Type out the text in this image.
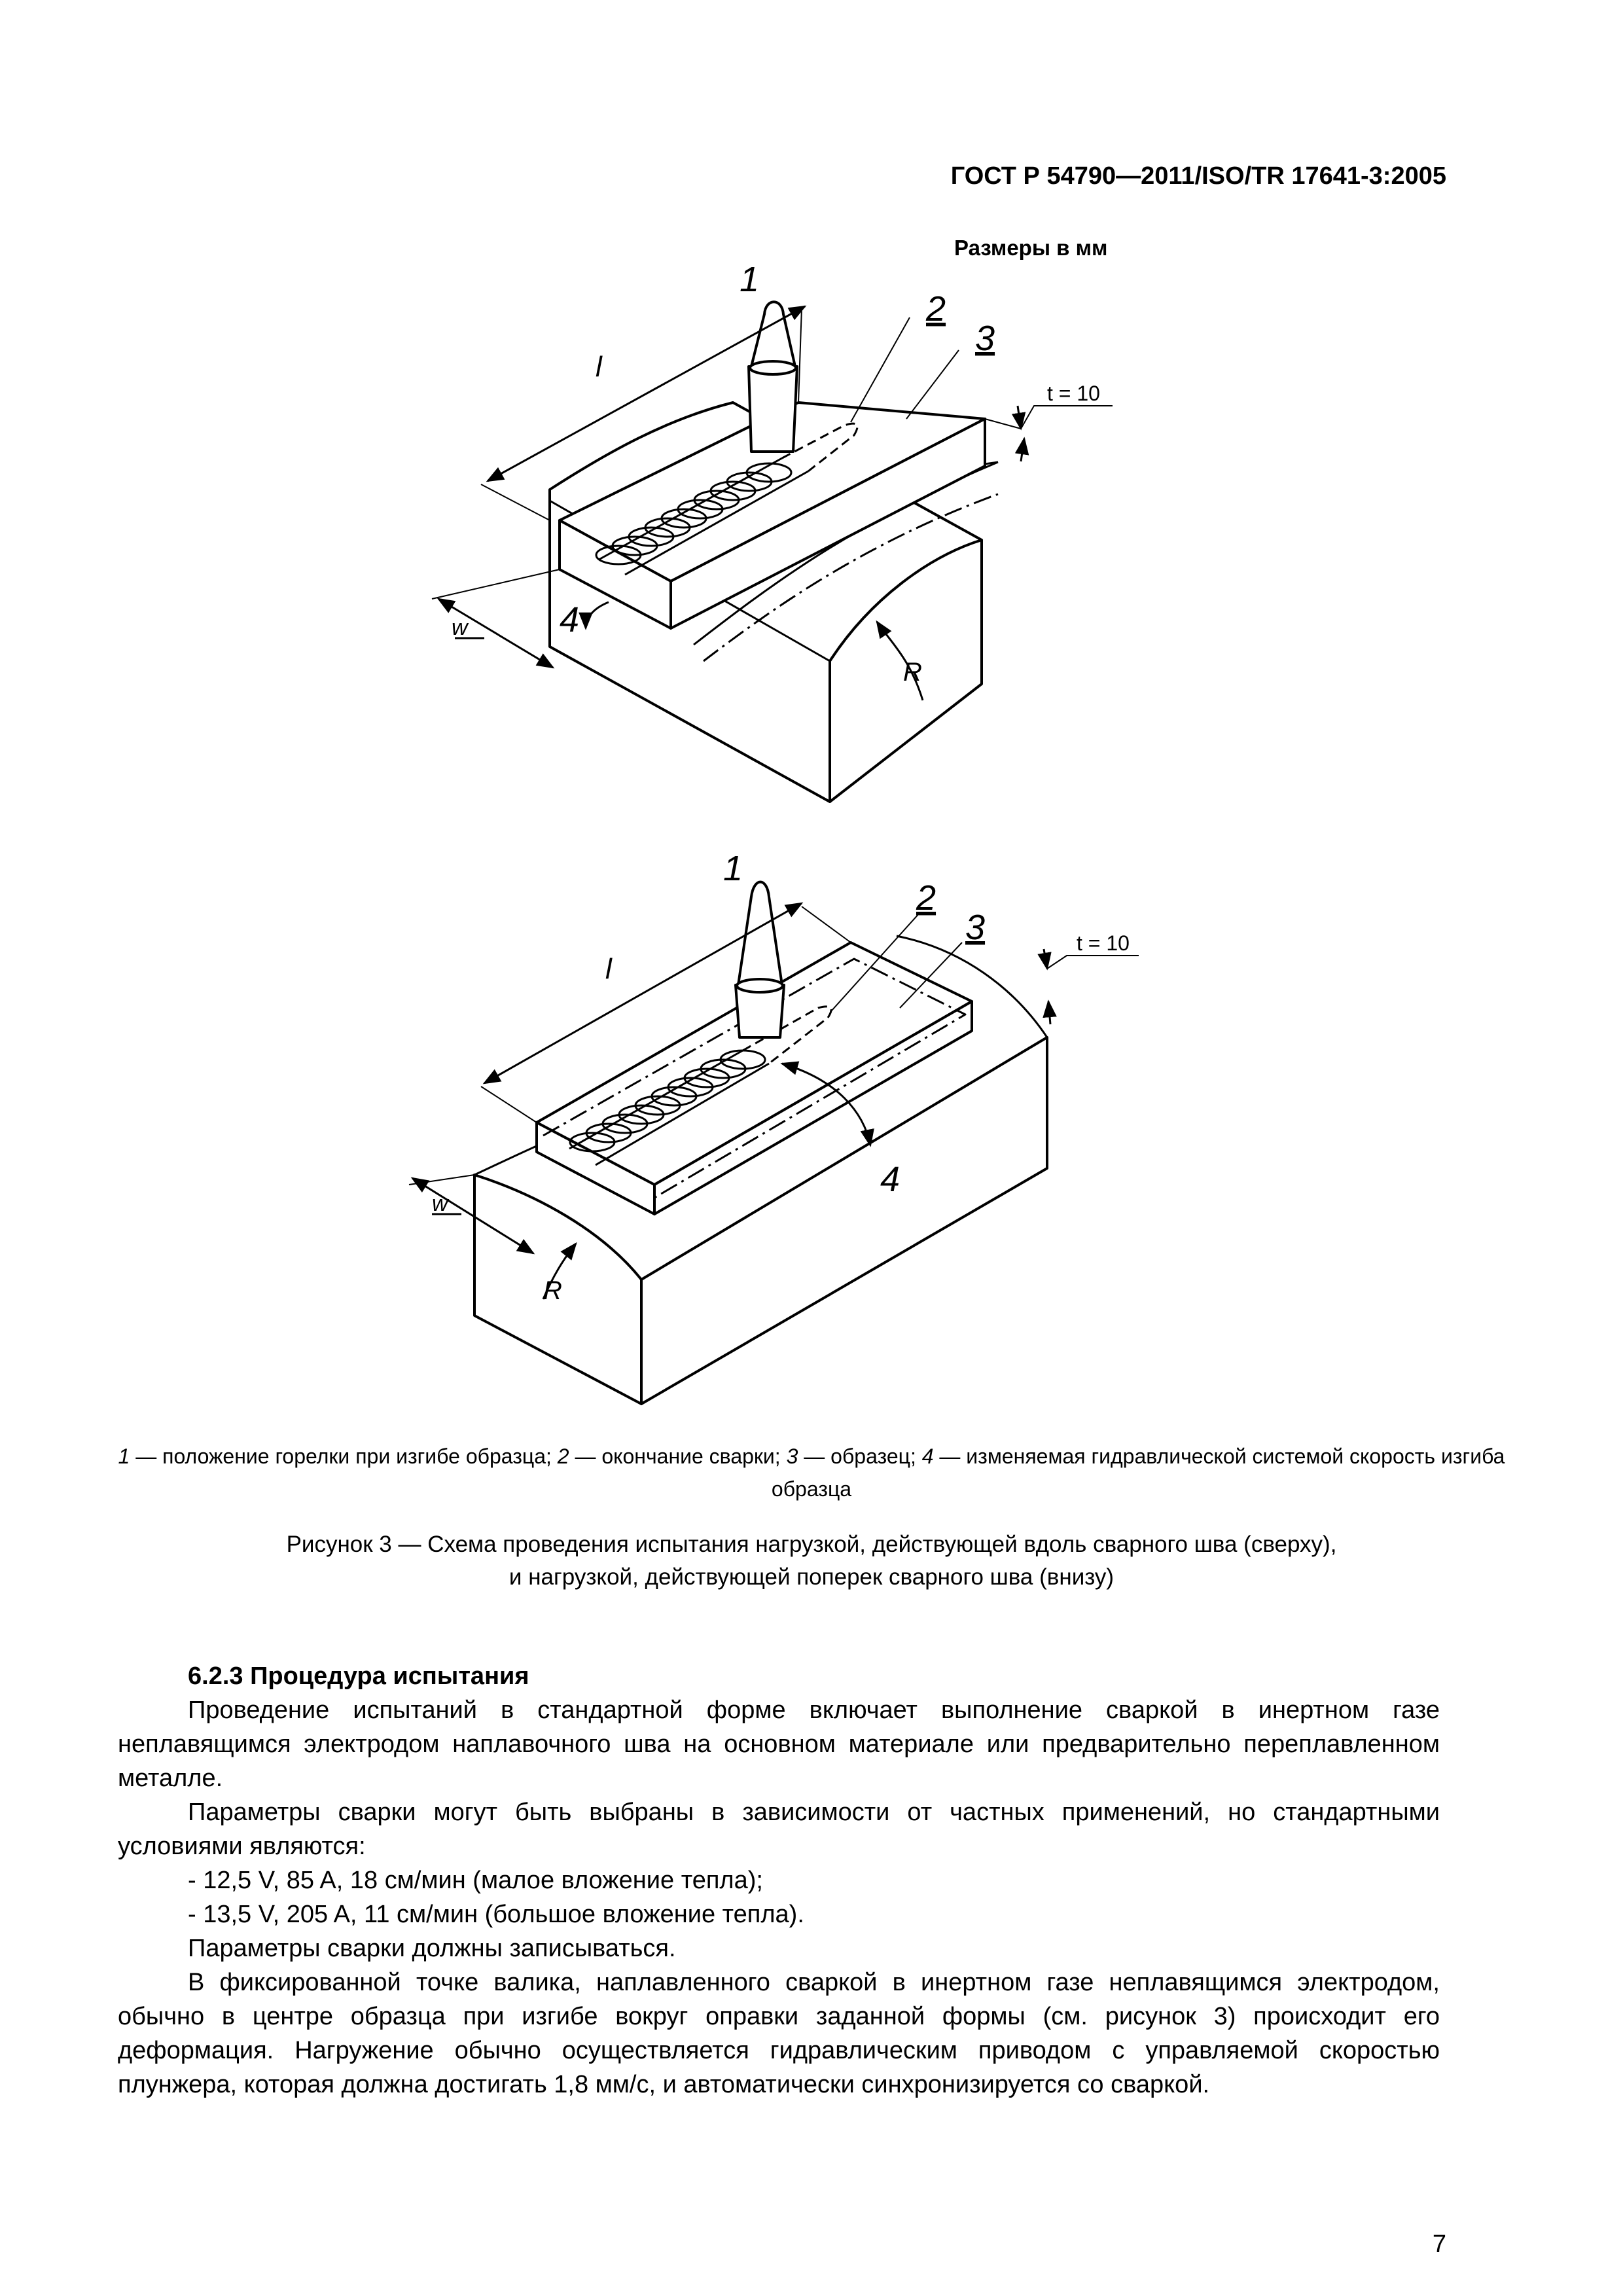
ГОСТ Р 54790—2011/ISO/TR 17641-3:2005
Размеры в мм
1
2
3
4
l
t = 10
w
R
1
2
3
4
l
t = 10
w
R
1 — положение горелки при изгибе образца; 2 — окончание сварки; 3 — образец; 4 — изменяемая гидравлической системой скорость изгиба образца
Рисунок 3 — Схема проведения испытания нагрузкой, действующей вдоль сварного шва (сверху),
и нагрузкой, действующей поперек сварного шва (внизу)

6.2.3 Процедура испытания

Проведение испытаний в стандартной форме включает выполнение сваркой в инертном газе неплавящимся электродом наплавочного шва на основном материале или предварительно переплавленном металле.

Параметры сварки могут быть выбраны в зависимости от частных применений, но стандартными условиями являются:

- 12,5 V, 85 A, 18 см/мин (малое вложение тепла);

- 13,5 V, 205 A, 11 см/мин (большое вложение тепла).

Параметры сварки должны записываться.

В фиксированной точке валика, наплавленного сваркой в инертном газе неплавящимся электродом, обычно в центре образца при изгибе вокруг оправки заданной формы (см. рисунок 3) происходит его деформация. Нагружение обычно осуществляется гидравлическим приводом с управляемой скоростью плунжера, которая должна достигать 1,8 мм/с, и автоматически синхронизируется со сваркой.

7
